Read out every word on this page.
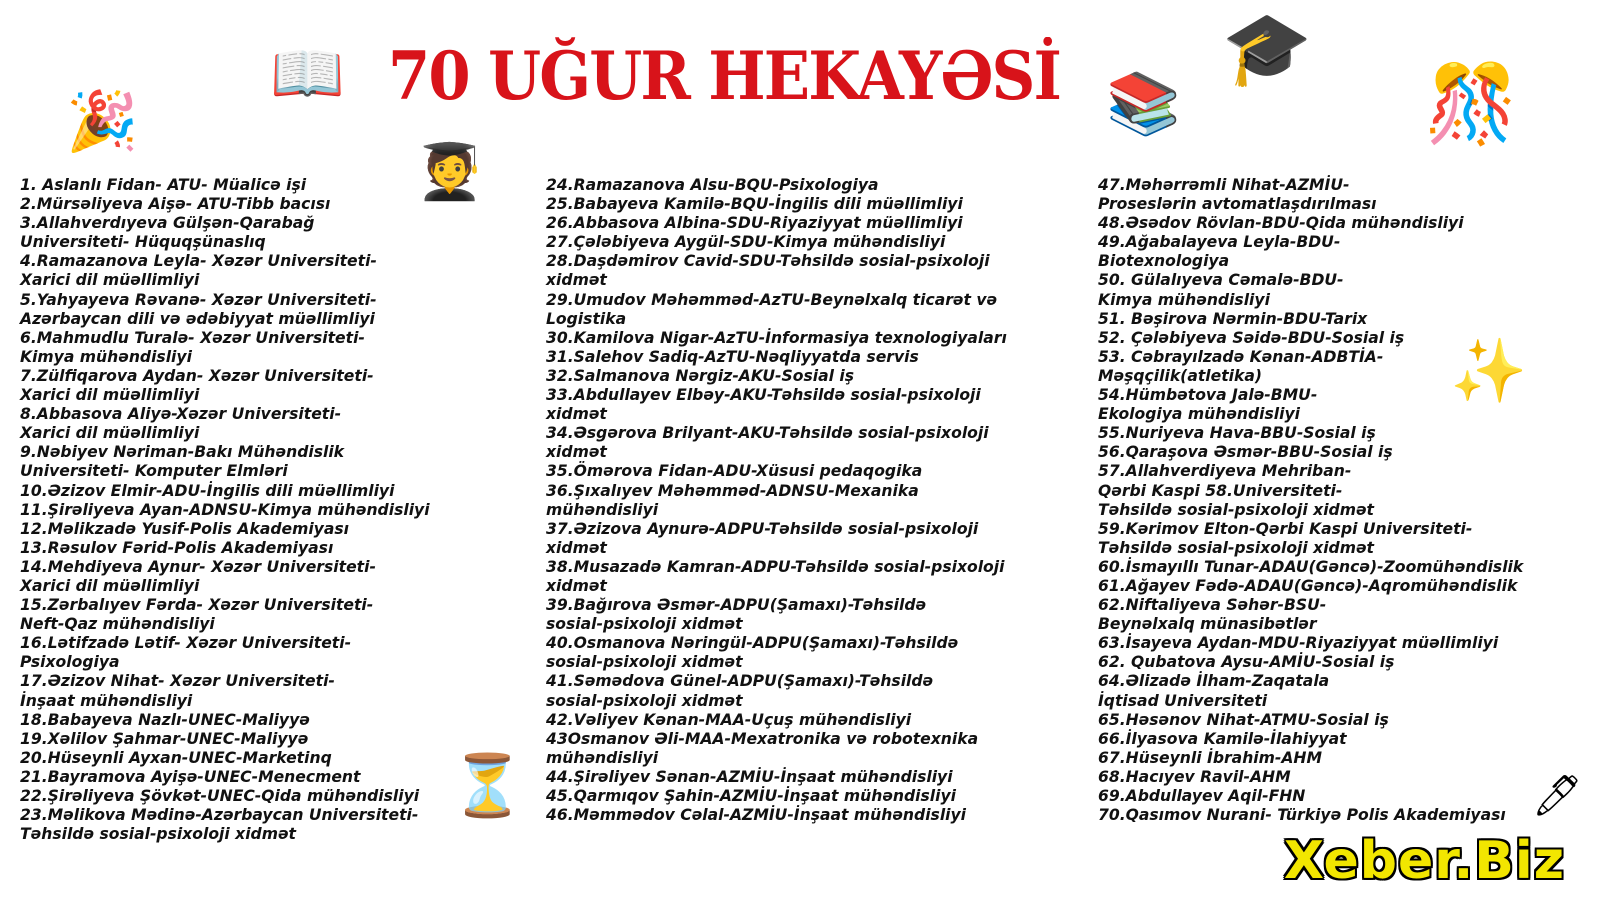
70 UĞUR HEKAYƏSİ
📖	🎓
🎉	📚	🎊
🧑‍🎓
✨
⏳	🖊
1. Aslanlı Fidan- ATU- Müalicə işi
2.Mürsəliyeva Aişə- ATU-Tibb bacısı
3.Allahverdıyeva Gülşən-Qarabağ
Universiteti- Hüquqşünaslıq
4.Ramazanova Leyla- Xəzər Universiteti-
Xarici dil müəllimliyi
5.Yahyayeva Rəvanə- Xəzər Universiteti-
Azərbaycan dili və ədəbiyyat müəllimliyi
6.Mahmudlu Turalə- Xəzər Universiteti-
Kimya mühəndisliyi
7.Zülfiqarova Aydan- Xəzər Universiteti-
Xarici dil müəllimliyi
8.Abbasova Aliyə-Xəzər Universiteti-
Xarici dil müəllimliyi
9.Nəbiyev Nəriman-Bakı Mühəndislik
Universiteti- Komputer Elmləri
10.Əzizov Elmir-ADU-İngilis dili müəllimliyi
11.Şirəliyeva Ayan-ADNSU-Kimya mühəndisliyi
12.Məlikzadə Yusif-Polis Akademiyası
13.Rəsulov Fərid-Polis Akademiyası
14.Mehdiyeva Aynur- Xəzər Universiteti-
Xarici dil müəllimliyi
15.Zərbalıyev Fərda- Xəzər Universiteti-
Neft-Qaz mühəndisliyi
16.Lətifzadə Lətif- Xəzər Universiteti-
Psixologiya
17.Əzizov Nihat- Xəzər Universiteti-
İnşaat mühəndisliyi
18.Babayeva Nazlı-UNEC-Maliyyə
19.Xəlilov Şahmar-UNEC-Maliyyə
20.Hüseynli Ayxan-UNEC-Marketinq
21.Bayramova Ayişə-UNEC-Menecment
22.Şirəliyeva Şövkət-UNEC-Qida mühəndisliyi
23.Məlikova Mədinə-Azərbaycan Universiteti-
Təhsildə sosial-psixoloji xidmət
24.Ramazanova Alsu-BQU-Psixologiya
25.Babayeva Kamilə-BQU-İngilis dili müəllimliyi
26.Abbasova Albina-SDU-Riyaziyyat müəllimliyi
27.Çələbiyeva Aygül-SDU-Kimya mühəndisliyi
28.Daşdəmirov Cavid-SDU-Təhsildə sosial-psixoloji
xidmət
29.Umudov Məhəmməd-AzTU-Beynəlxalq ticarət və
Logistika
30.Kamilova Nigar-AzTU-İnformasiya texnologiyaları
31.Salehov Sadiq-AzTU-Nəqliyyatda servis
32.Salmanova Nərgiz-AKU-Sosial iş
33.Abdullayev Elbəy-AKU-Təhsildə sosial-psixoloji
xidmət
34.Əsgərova Brilyant-AKU-Təhsildə sosial-psixoloji
xidmət
35.Ömərova Fidan-ADU-Xüsusi pedaqogika
36.Şıxalıyev Məhəmməd-ADNSU-Mexanika
mühəndisliyi
37.Əzizova Aynurə-ADPU-Təhsildə sosial-psixoloji
xidmət
38.Musazadə Kamran-ADPU-Təhsildə sosial-psixoloji
xidmət
39.Bağırova Əsmər-ADPU(Şamaxı)-Təhsildə
sosial-psixoloji xidmət
40.Osmanova Nəringül-ADPU(Şamaxı)-Təhsildə
sosial-psixoloji xidmət
41.Səmədova Günel-ADPU(Şamaxı)-Təhsildə
sosial-psixoloji xidmət
42.Vəliyev Kənan-MAA-Uçuş mühəndisliyi
43Osmanov Əli-MAA-Mexatronika və robotexnika
mühəndisliyi
44.Şirəliyev Sənan-AZMİU-İnşaat mühəndisliyi
45.Qarmıqov Şahin-AZMİU-İnşaat mühəndisliyi
46.Məmmədov Cəlal-AZMİU-İnşaat mühəndisliyi
47.Məhərrəmli Nihat-AZMİU-
Proseslərin avtomatlaşdırılması
48.Əsədov Rövlan-BDU-Qida mühəndisliyi
49.Ağabalayeva Leyla-BDU-
Biotexnologiya
50. Gülalıyeva Cəmalə-BDU-
Kimya mühəndisliyi
51. Bəşirova Nərmin-BDU-Tarix
52. Çələbiyeva Səidə-BDU-Sosial iş
53. Cəbrayılzadə Kənan-ADBTİA-
Məşqçilik(atletika)
54.Hümbətova Jalə-BMU-
Ekologiya mühəndisliyi
55.Nuriyeva Hava-BBU-Sosial iş
56.Qaraşova Əsmər-BBU-Sosial iş
57.Allahverdiyeva Mehriban-
Qərbi Kaspi 58.Universiteti-
Təhsildə sosial-psixoloji xidmət
59.Kərimov Elton-Qərbi Kaspi Universiteti-
Təhsildə sosial-psixoloji xidmət
60.İsmayıllı Tunar-ADAU(Gəncə)-Zoomühəndislik
61.Ağayev Fədə-ADAU(Gəncə)-Aqromühəndislik
62.Niftaliyeva Səhər-BSU-
Beynəlxalq münasibətlər
63.İsayeva Aydan-MDU-Riyaziyyat müəllimliyi
62. Qubatova Aysu-AMİU-Sosial iş
64.Əlizadə İlham-Zaqatala
İqtisad Universiteti
65.Həsənov Nihat-ATMU-Sosial iş
66.İlyasova Kamilə-İlahiyyat
67.Hüseynli İbrahim-AHM
68.Hacıyev Ravil-AHM
69.Abdullayev Aqil-FHN
70.Qasımov Nurani- Türkiyə Polis Akademiyası
Xeber.Biz
